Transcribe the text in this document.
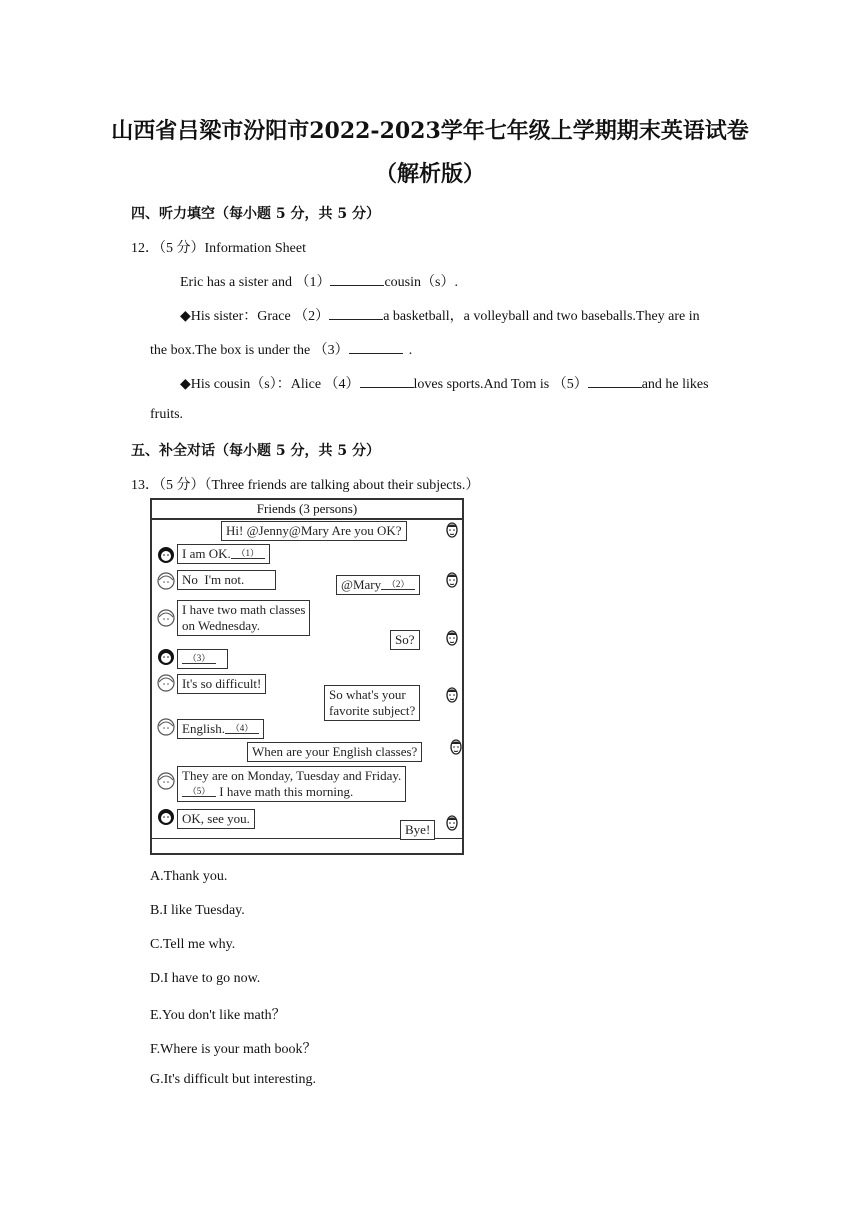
山西省吕梁市汾阳市2022-2023学年七年级上学期期末英语试卷
（解析版）
四、听力填空（每小题 5 分，共 5 分）
12．（5 分）Information Sheet
Eric has a sister and （1）	cousin（s）.
◆His sister：Grace （2）	a basketball，a volleyball and two baseballs.They are in
the box.The box is under the （3）	.
◆His cousin（s）：Alice （4）	loves sports.And Tom is （5）	and he likes
fruits.
五、补全对话（每小题 5 分，共 5 分）
13．（5 分）（Three friends are talking about their subjects.）
Friends (3 persons)
Hi! @Jenny@Mary Are you OK?
I am OK. （1）
No  I'm not.	@Mary （2）
I have two math classes
on Wednesday.
So?
（3）
It's so difficult!
So what's your
favorite subject?
English. （4）
When are your English classes?
They are on Monday, Tuesday and Friday.
（5） I have math this morning.
OK, see you.
Bye!
A.Thank you.
B.I like Tuesday.
C.Tell me why.
D.I have to go now.
E.You don't like math？
F.Where is your math book？
G.It's difficult but interesting.
